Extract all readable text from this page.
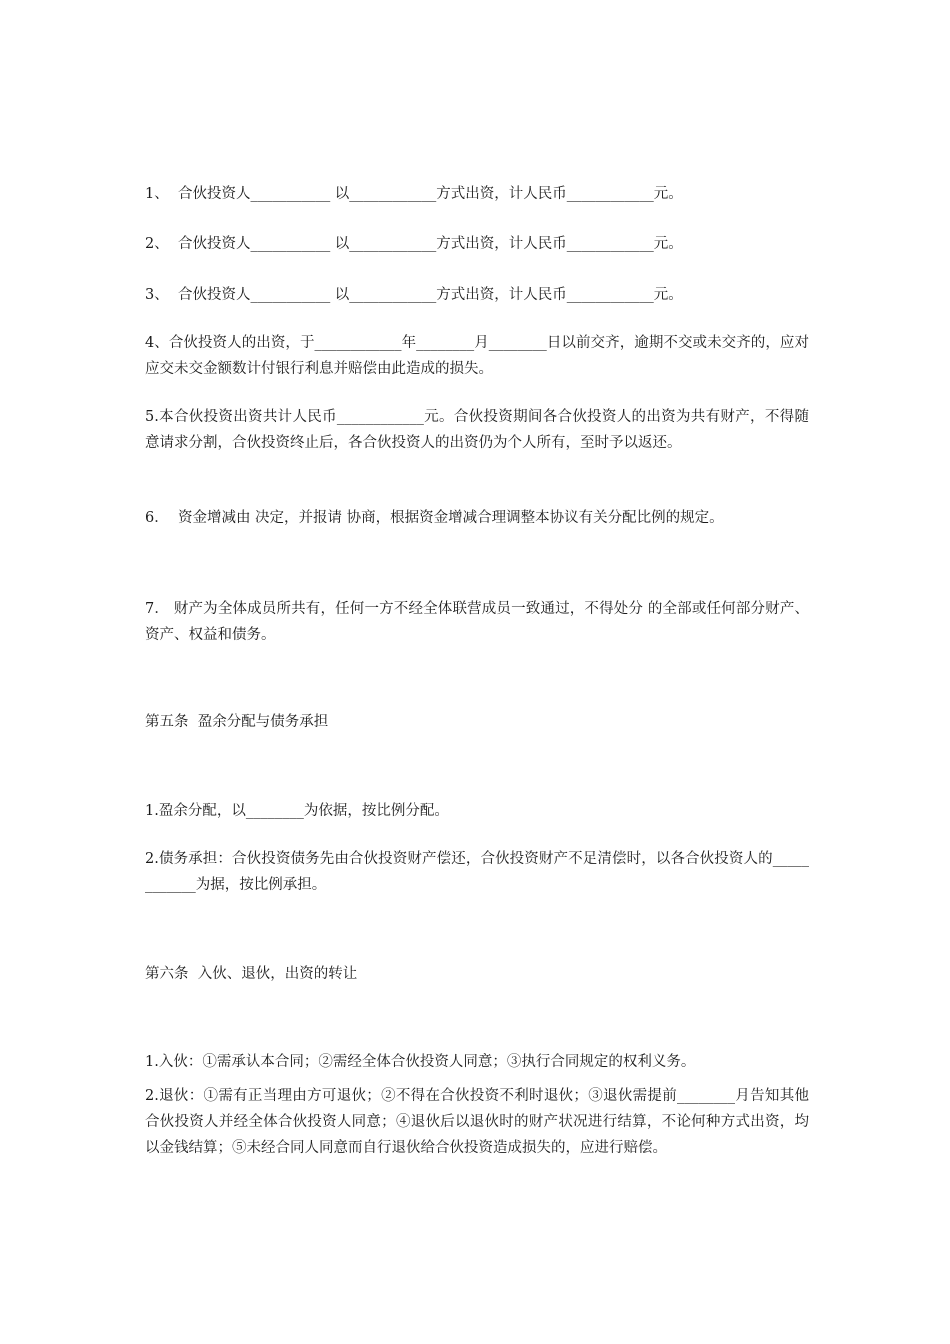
1、  合伙投资人___________ 以____________方式出资，计人民币____________元。
2、  合伙投资人___________ 以____________方式出资，计人民币____________元。
3、  合伙投资人___________ 以____________方式出资，计人民币____________元。
4、合伙投资人的出资，于____________年________月________日以前交齐，逾期不交或未交齐的，应对应交未交金额数计付银行利息并赔偿由此造成的损失。
5.本合伙投资出资共计人民币____________元。合伙投资期间各合伙投资人的出资为共有财产，不得随意请求分割，合伙投资终止后，各合伙投资人的出资仍为个人所有，至时予以返还。
6．  资金增减由 决定，并报请 协商，根据资金增减合理调整本协议有关分配比例的规定。
7． 财产为全体成员所共有，任何一方不经全体联营成员一致通过，不得处分 的全部或任何部分财产、资产、权益和债务。
第五条  盈余分配与债务承担
1.盈余分配，以________为依据，按比例分配。
2.债务承担：合伙投资债务先由合伙投资财产偿还，合伙投资财产不足清偿时，以各合伙投资人的____________为据，按比例承担。
第六条  入伙、退伙，出资的转让
1.入伙：①需承认本合同；②需经全体合伙投资人同意；③执行合同规定的权利义务。
2.退伙：①需有正当理由方可退伙；②不得在合伙投资不利时退伙；③退伙需提前________月告知其他合伙投资人并经全体合伙投资人同意；④退伙后以退伙时的财产状况进行结算，不论何种方式出资，均以金钱结算；⑤未经合同人同意而自行退伙给合伙投资造成损失的，应进行赔偿。
